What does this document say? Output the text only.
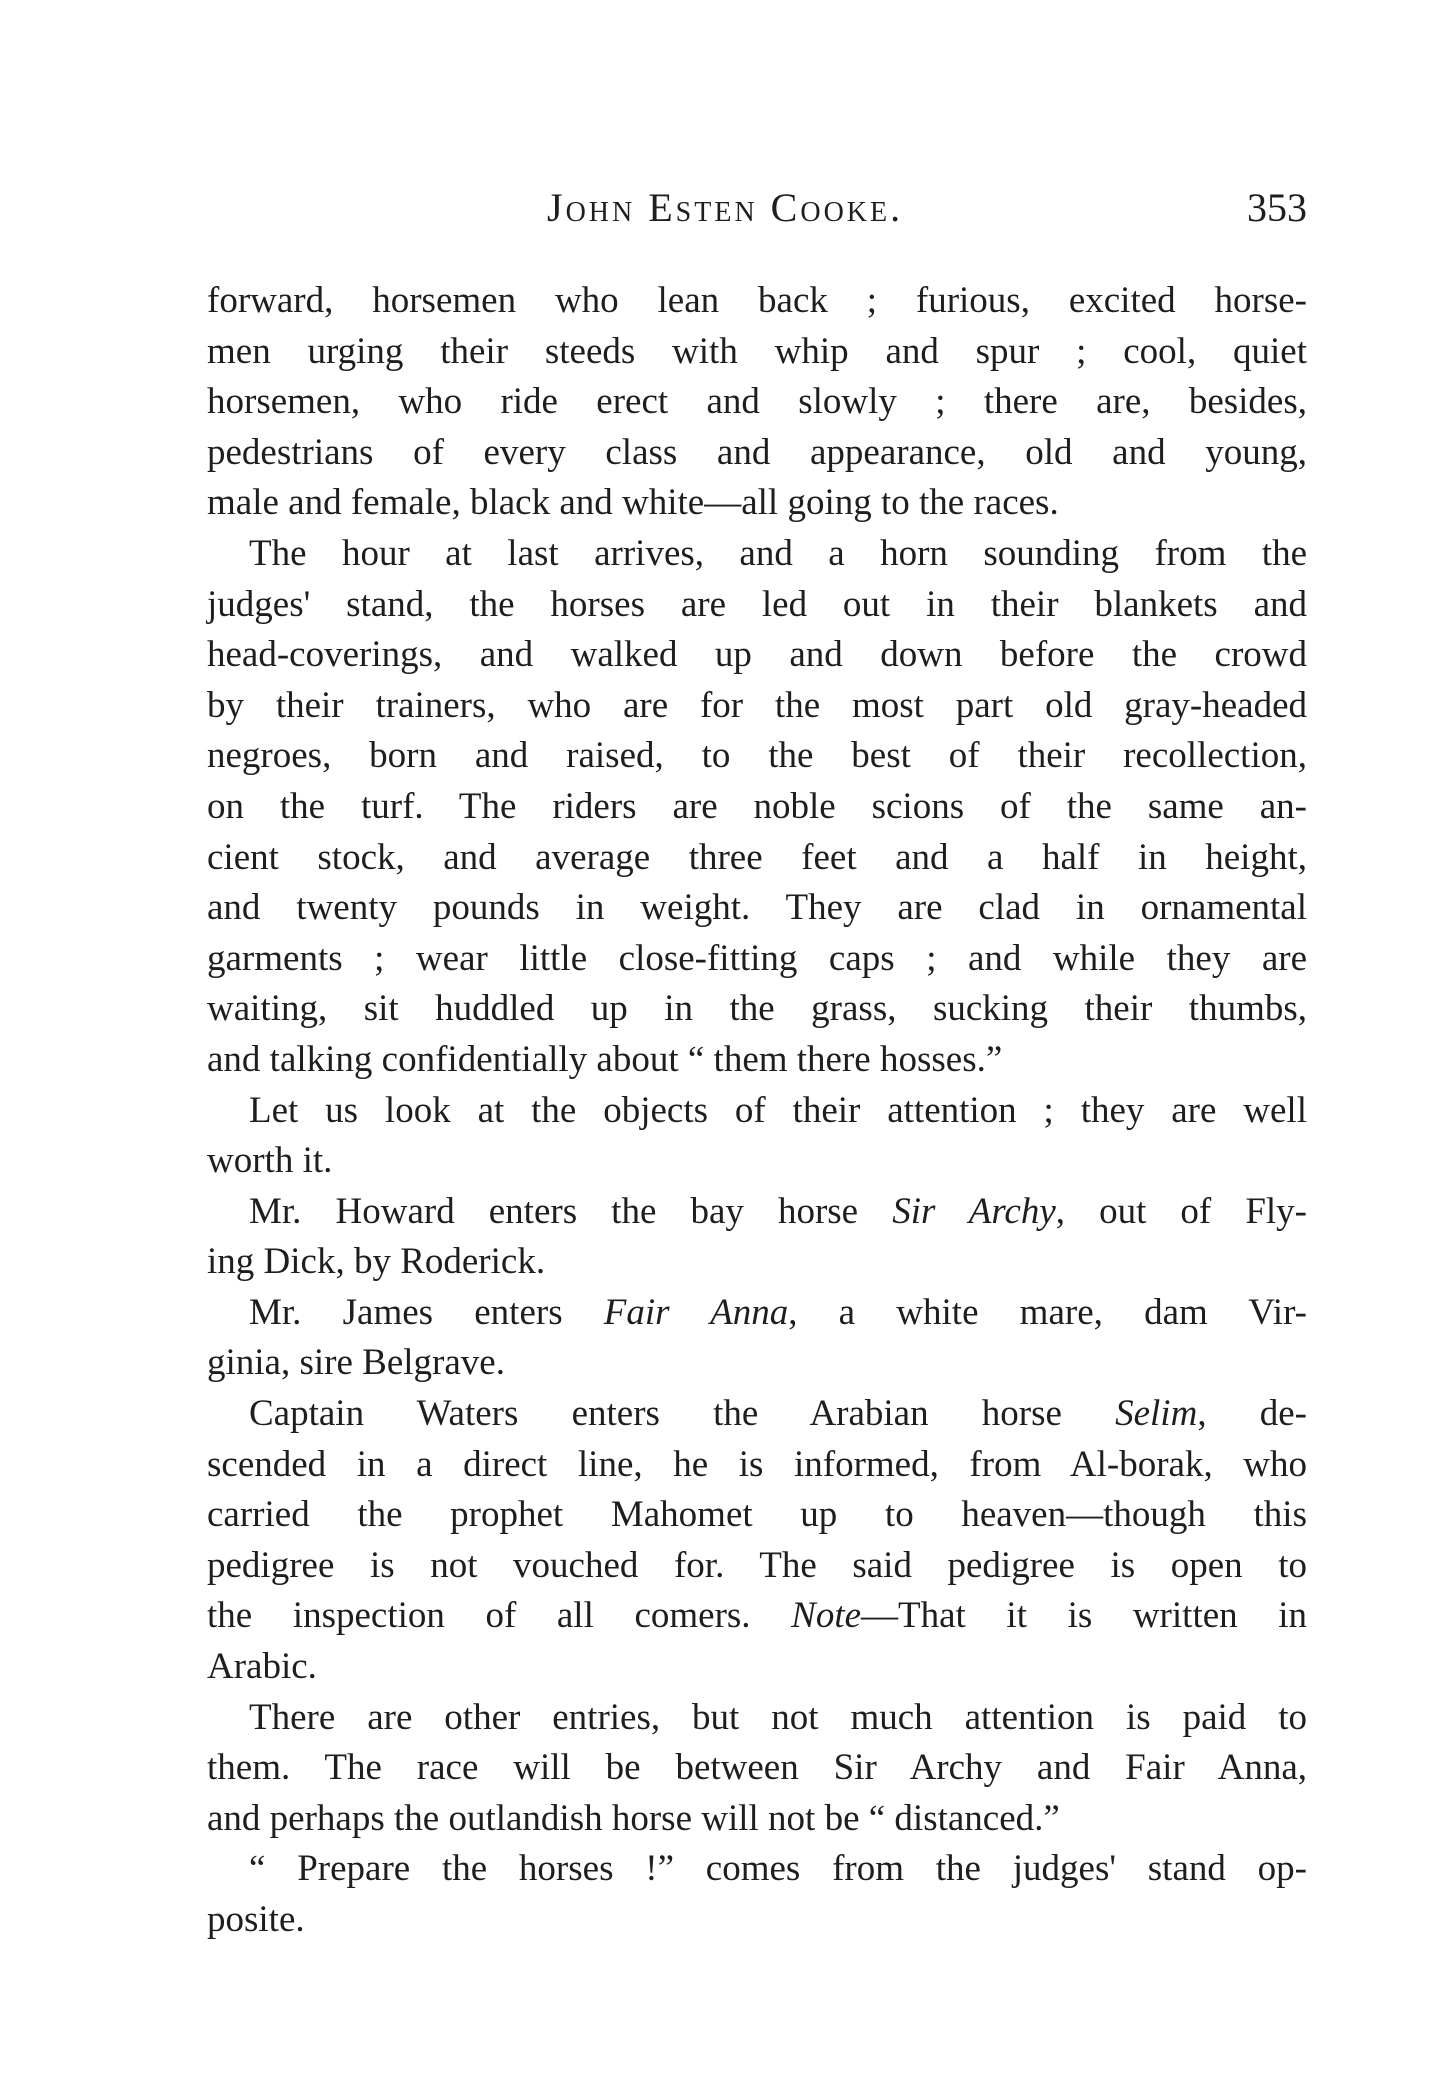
John Esten Cooke.	353
forward, horsemen who lean back ; furious, excited horse-
men urging their steeds with whip and spur ; cool, quiet
horsemen, who ride erect and slowly ; there are, besides,
pedestrians of every class and appearance, old and young,
male and female, black and white—all going to the races.
The hour at last arrives, and a horn sounding from the
judges' stand, the horses are led out in their blankets and
head-coverings, and walked up and down before the crowd
by their trainers, who are for the most part old gray-headed
negroes, born and raised, to the best of their recollection,
on the turf. The riders are noble scions of the same an-
cient stock, and average three feet and a half in height,
and twenty pounds in weight. They are clad in ornamental
garments ; wear little close-fitting caps ; and while they are
waiting, sit huddled up in the grass, sucking their thumbs,
and talking confidentially about “ them there hosses.”
Let us look at the objects of their attention ; they are well
worth it.
Mr. Howard enters the bay horse Sir Archy, out of Fly-
ing Dick, by Roderick.
Mr. James enters Fair Anna, a white mare, dam Vir-
ginia, sire Belgrave.
Captain Waters enters the Arabian horse Selim, de-
scended in a direct line, he is informed, from Al-borak, who
carried the prophet Mahomet up to heaven—though this
pedigree is not vouched for. The said pedigree is open to
the inspection of all comers. Note—That it is written in
Arabic.
There are other entries, but not much attention is paid to
them. The race will be between Sir Archy and Fair Anna,
and perhaps the outlandish horse will not be “ distanced.”
“ Prepare the horses !” comes from the judges' stand op-
posite.
